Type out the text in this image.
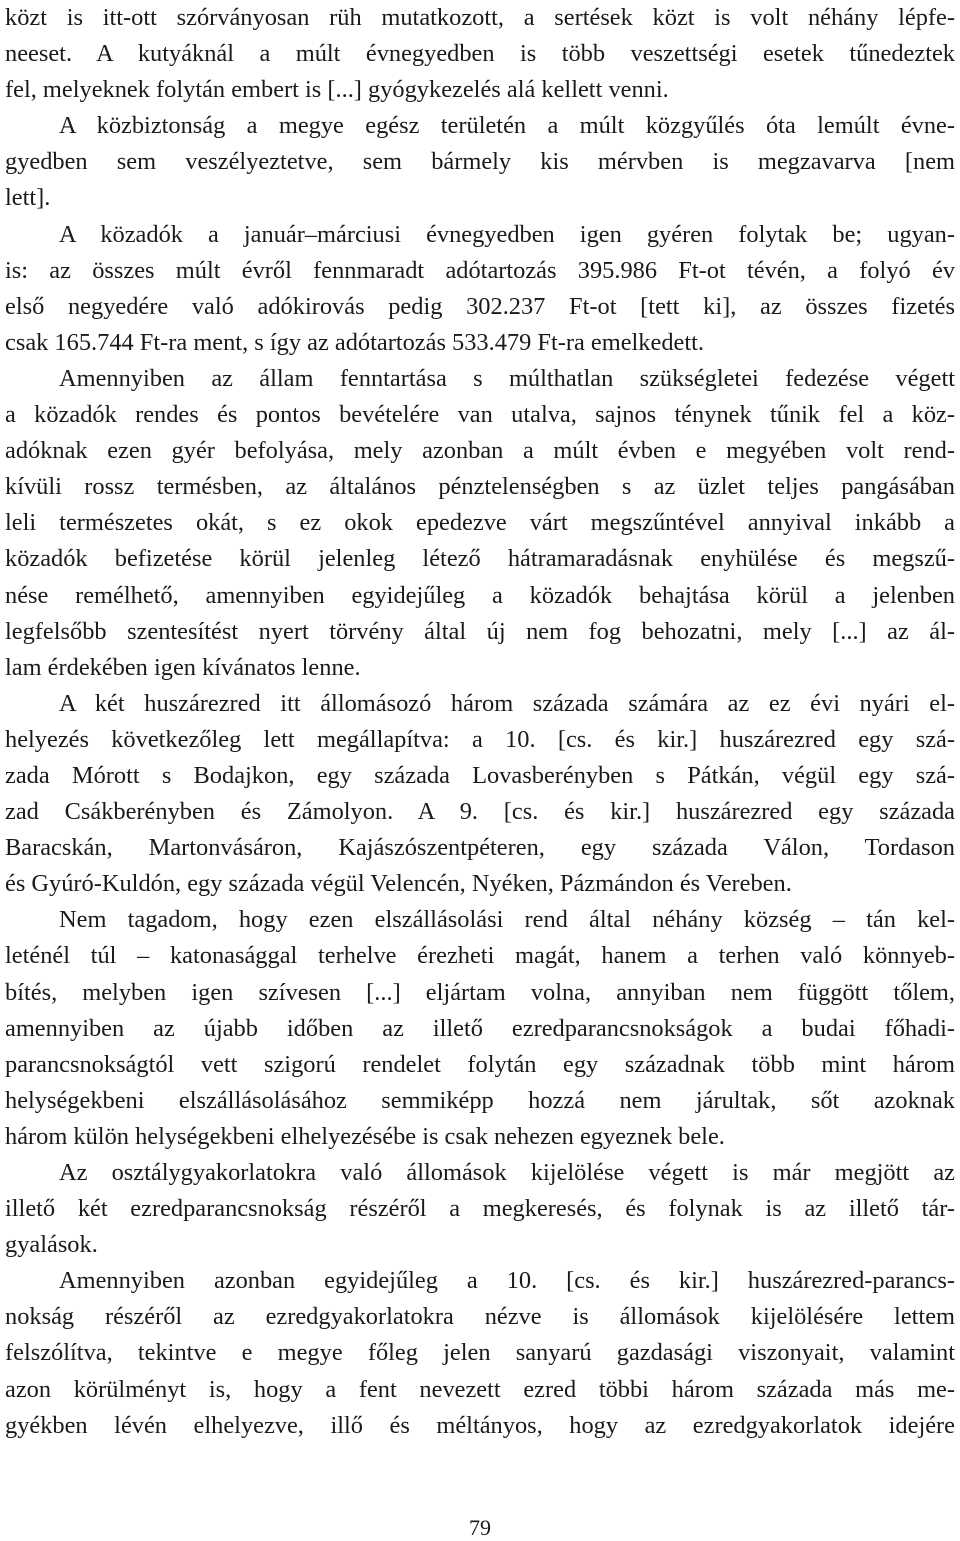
közt is itt-ott szórványosan rüh mutatkozott, a sertések közt is volt néhány lépfe-
neeset. A kutyáknál a múlt évnegyedben is több veszettségi esetek tűnedeztek
fel, melyeknek folytán embert is [...] gyógykezelés alá kellett venni.

A közbiztonság a megye egész területén a múlt közgyűlés óta lemúlt évne-
gyedben sem veszélyeztetve, sem bármely kis mérvben is megzavarva [nem
lett].

A közadók a január–márciusi évnegyedben igen gyéren folytak be; ugyan-
is: az összes múlt évről fennmaradt adótartozás 395.986 Ft-ot tévén, a folyó év
első negyedére való adókirovás pedig 302.237 Ft-ot [tett ki], az összes fizetés
csak 165.744 Ft-ra ment, s így az adótartozás 533.479 Ft-ra emelkedett.

Amennyiben az állam fenntartása s múlthatlan szükségletei fedezése végett
a közadók rendes és pontos bevételére van utalva, sajnos ténynek tűnik fel a köz-
adóknak ezen gyér befolyása, mely azonban a múlt évben e megyében volt rend-
kívüli rossz termésben, az általános pénztelenségben s az üzlet teljes pangásában
leli természetes okát, s ez okok epedezve várt megszűntével annyival inkább a
közadók befizetése körül jelenleg létező hátramaradásnak enyhülése és megszű-
nése remélhető, amennyiben egyidejűleg a közadók behajtása körül a jelenben
legfelsőbb szentesítést nyert törvény által új nem fog behozatni, mely [...] az ál-
lam érdekében igen kívánatos lenne.

A két huszárezred itt állomásozó három százada számára az ez évi nyári el-
helyezés következőleg lett megállapítva: a 10. [cs. és kir.] huszárezred egy szá-
zada Mórott s Bodajkon, egy százada Lovasberényben s Pátkán, végül egy szá-
zad Csákberényben és Zámolyon. A 9. [cs. és kir.] huszárezred egy százada
Baracskán, Martonvásáron, Kajászószentpéteren, egy százada Válon, Tordason
és Gyúró-Kuldón, egy százada végül Velencén, Nyéken, Pázmándon és Vereben.

Nem tagadom, hogy ezen elszállásolási rend által néhány község – tán kel-
leténél túl – katonasággal terhelve érezheti magát, hanem a terhen való könnyeb-
bítés, melyben igen szívesen [...] eljártam volna, annyiban nem függött tőlem,
amennyiben az újabb időben az illető ezredparancsnokságok a budai főhadi-
parancsnokságtól vett szigorú rendelet folytán egy századnak több mint három
helységekbeni elszállásolásához semmiképp hozzá nem járultak, sőt azoknak
három külön helységekbeni elhelyezésébe is csak nehezen egyeznek bele.

Az osztálygyakorlatokra való állomások kijelölése végett is már megjött az
illető két ezredparancsnokság részéről a megkeresés, és folynak is az illető tár-
gyalások.

Amennyiben azonban egyidejűleg a 10. [cs. és kir.] huszárezred-parancs-
nokság részéről az ezredgyakorlatokra nézve is állomások kijelölésére lettem
felszólítva, tekintve e megye főleg jelen sanyarú gazdasági viszonyait, valamint
azon körülményt is, hogy a fent nevezett ezred többi három százada más me-
gyékben lévén elhelyezve, illő és méltányos, hogy az ezredgyakorlatok idejére

79
